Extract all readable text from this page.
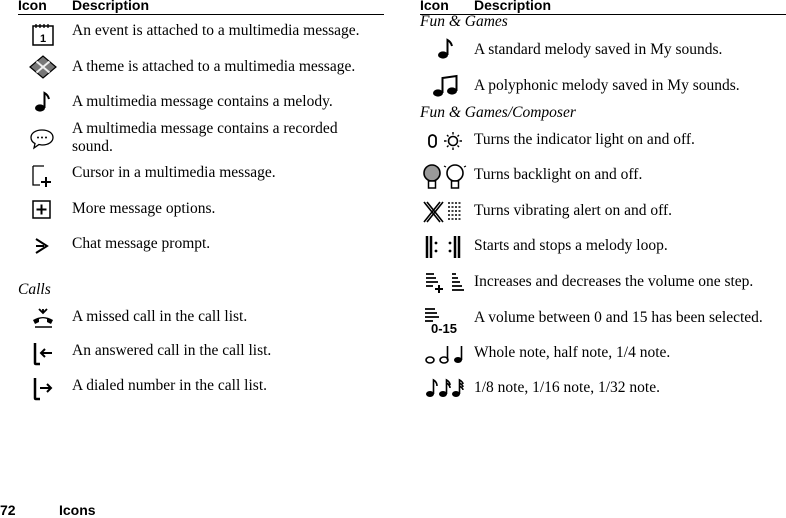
Icon Description	Icon Description
1 An event is attached to a multimedia message.
A theme is attached to a multimedia message.
A multimedia message contains a melody.
A multimedia message contains a recorded sound.
Cursor in a multimedia message.
More message options.
Chat message prompt.
Calls
A missed call in the call list.
An answered call in the call list.
A dialed number in the call list.
Fun & Games
A standard melody saved in My sounds.
A polyphonic melody saved in My sounds.
Fun & Games/Composer
Turns the indicator light on and off.
Turns backlight on and off.
Turns vibrating alert on and off.
Starts and stops a melody loop.
Increases and decreases the volume one step.
0-15
A volume between 0 and 15 has been selected.
Whole note, half note, 1/4 note.
1/8 note, 1/16 note, 1/32 note.
72	Icons
